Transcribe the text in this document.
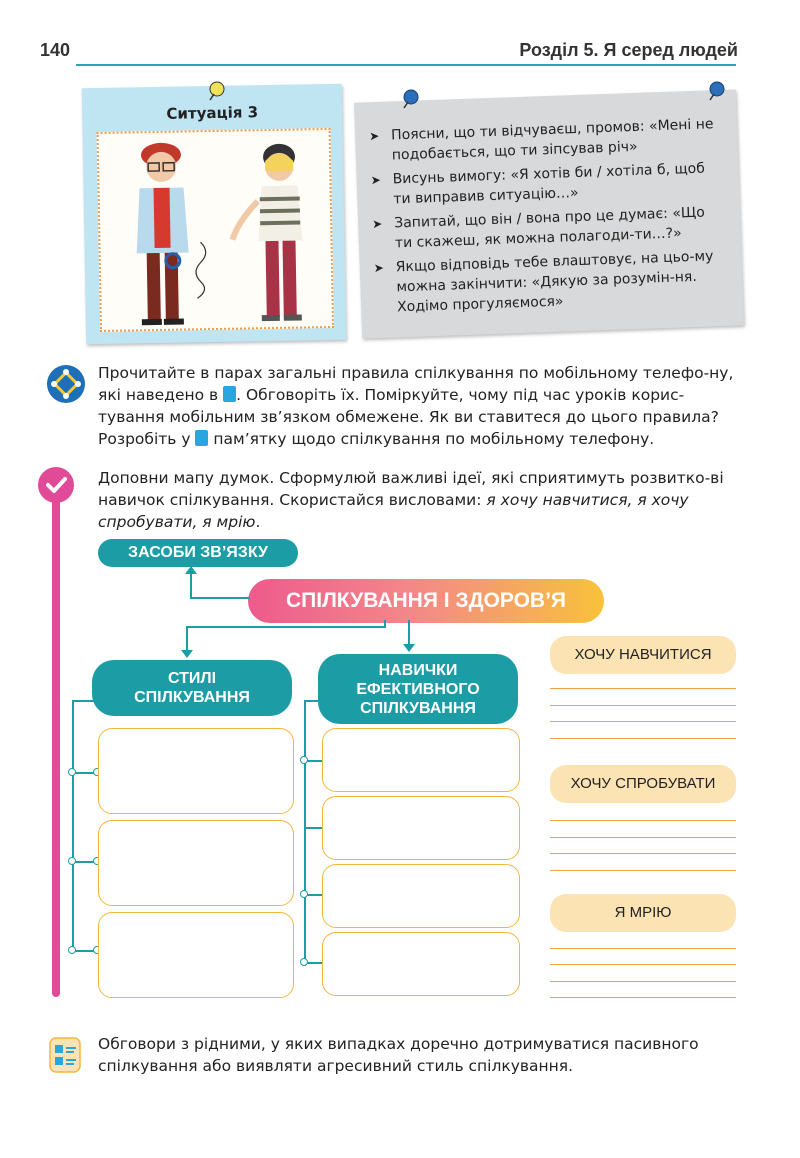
140	Розділ 5. Я серед людей
Ситуація 3
➤ Поясни, що ти відчуваєш, промов: «Мені не подобається, що ти зіпсував річ»
➤ Висунь вимогу: «Я хотів би / хотіла б, щоб ти виправив ситуацію…»
➤ Запитай, що він / вона про це думає: «Що ти скажеш, як можна полагоди-ти…?»
➤ Якщо відповідь тебе влаштовує, на цьо-му можна закінчити: «Дякую за розумін-ня. Ходімо прогуляємося»
Прочитайте в парах загальні правила спілкування по мобільному телефо-ну, які наведено в . Обговоріть їх. Поміркуйте, чому під час уроків корис-тування мобільним зв’язком обмежене. Як ви ставитеся до цього правила? Розробіть у  пам’ятку щодо спілкування по мобільному телефону.
Доповни мапу думок. Сформулюй важливі ідеї, які сприятимуть розвитко-ві навичок спілкування. Скористайся висловами: я хочу навчитися, я хочу спробувати, я мрію.
ЗАСОБИ ЗВ’ЯЗКУ
СПІЛКУВАННЯ І ЗДОРОВ’Я
СТИЛІ
СПІЛКУВАННЯ
НАВИЧКИ
ЕФЕКТИВНОГО
СПІЛКУВАННЯ
ХОЧУ НАВЧИТИСЯ
ХОЧУ СПРОБУВАТИ
Я МРІЮ
Обговори з рідними, у яких випадках доречно дотримуватися пасивного спілкування або виявляти агресивний стиль спілкування.
